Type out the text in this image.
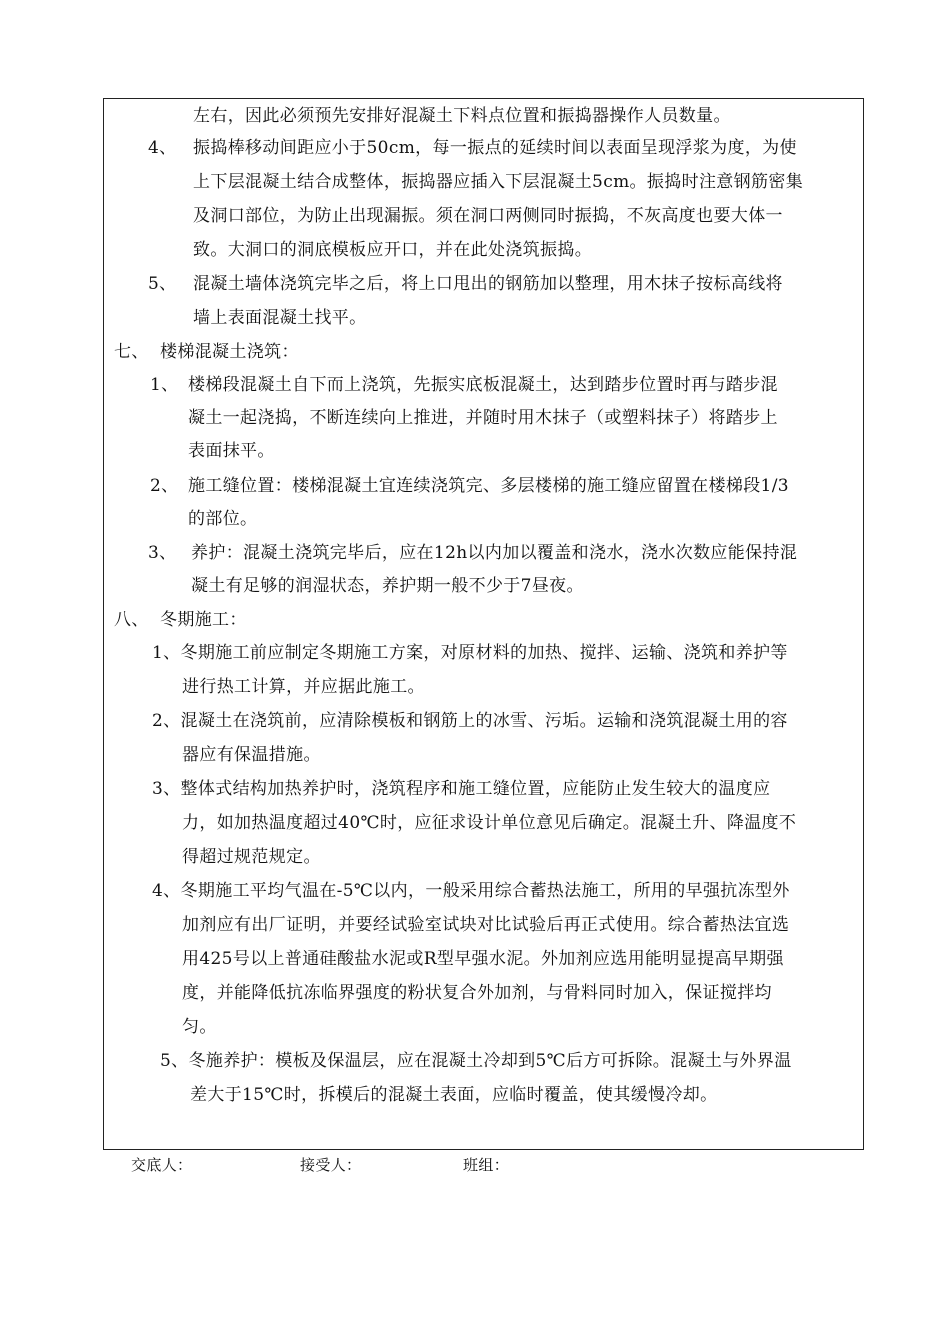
左右，因此必须预先安排好混凝土下料点位置和振捣器操作人员数量。
4、 振捣棒移动间距应小于50cm，每一振点的延续时间以表面呈现浮浆为度，为使
上下层混凝土结合成整体，振捣器应插入下层混凝土5cm。振捣时注意钢筋密集
及洞口部位，为防止出现漏振。须在洞口两侧同时振捣，不灰高度也要大体一
致。大洞口的洞底模板应开口，并在此处浇筑振捣。
5、 混凝土墙体浇筑完毕之后，将上口甩出的钢筋加以整理，用木抹子按标高线将
墙上表面混凝土找平。
七、 楼梯混凝土浇筑：
1、 楼梯段混凝土自下而上浇筑，先振实底板混凝土，达到踏步位置时再与踏步混
凝土一起浇捣，不断连续向上推进，并随时用木抹子（或塑料抹子）将踏步上
表面抹平。
2、 施工缝位置：楼梯混凝土宜连续浇筑完、多层楼梯的施工缝应留置在楼梯段1/3
的部位。
3、 养护：混凝土浇筑完毕后，应在12h以内加以覆盖和浇水，浇水次数应能保持混
凝土有足够的润湿状态，养护期一般不少于7昼夜。
八、 冬期施工：
1、冬期施工前应制定冬期施工方案，对原材料的加热、搅拌、运输、浇筑和养护等
进行热工计算，并应据此施工。
2、混凝土在浇筑前，应清除模板和钢筋上的冰雪、污垢。运输和浇筑混凝土用的容
器应有保温措施。
3、整体式结构加热养护时，浇筑程序和施工缝位置，应能防止发生较大的温度应
力，如加热温度超过40℃时，应征求设计单位意见后确定。混凝土升、降温度不
得超过规范规定。
4、冬期施工平均气温在-5℃以内，一般采用综合蓄热法施工，所用的早强抗冻型外
加剂应有出厂证明，并要经试验室试块对比试验后再正式使用。综合蓄热法宜选
用425号以上普通硅酸盐水泥或R型早强水泥。外加剂应选用能明显提高早期强
度，并能降低抗冻临界强度的粉状复合外加剂，与骨料同时加入，保证搅拌均
匀。
5、冬施养护：模板及保温层，应在混凝土冷却到5℃后方可拆除。混凝土与外界温
差大于15℃时，拆模后的混凝土表面，应临时覆盖，使其缓慢冷却。
交底人：	接受人：	班组：
